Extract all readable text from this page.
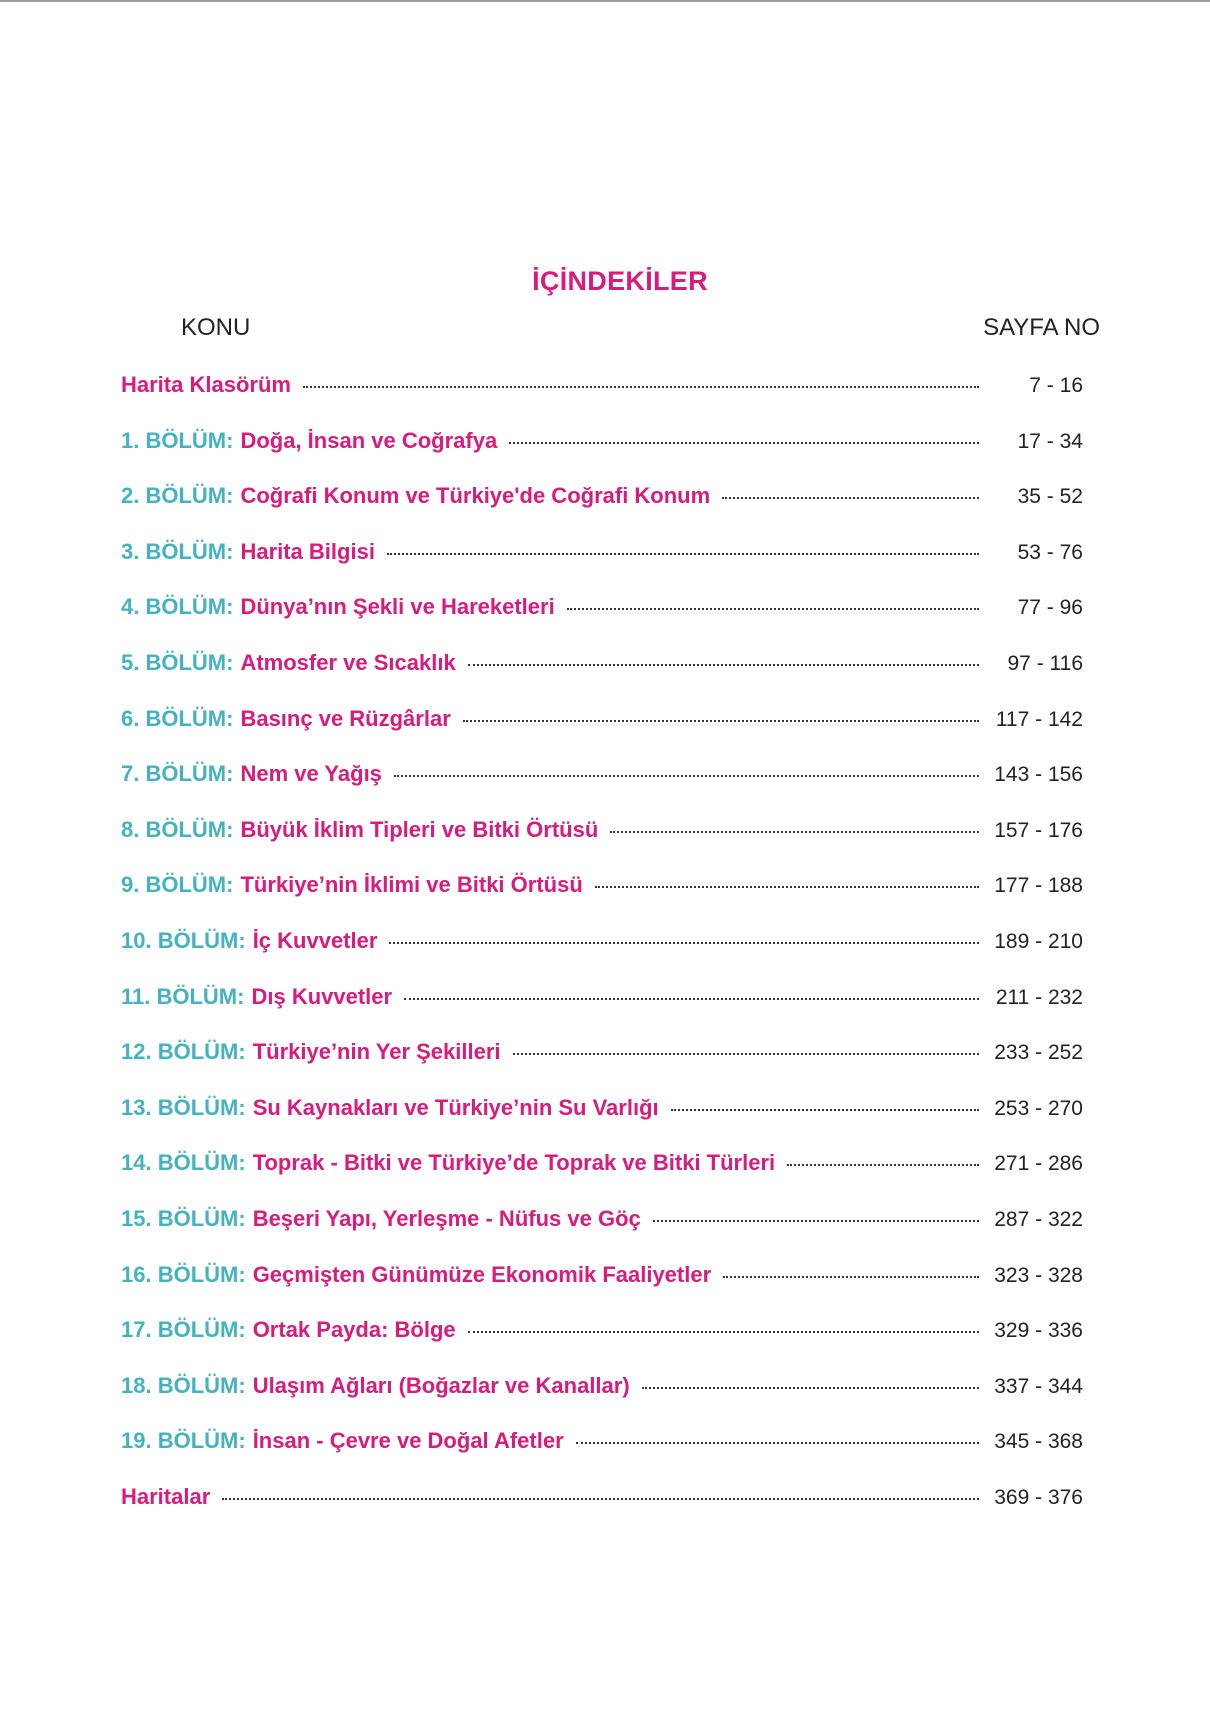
İÇİNDEKİLER
KONU	SAYFA NO
Harita Klasörüm	7 - 16
1. BÖLÜM: Doğa, İnsan ve Coğrafya	17 - 34
2. BÖLÜM: Coğrafi Konum ve Türkiye'de Coğrafi Konum	35 - 52
3. BÖLÜM: Harita Bilgisi	53 - 76
4. BÖLÜM: Dünya’nın Şekli ve Hareketleri	77 - 96
5. BÖLÜM: Atmosfer ve Sıcaklık	97 - 116
6. BÖLÜM: Basınç ve Rüzgârlar	117 - 142
7. BÖLÜM: Nem ve Yağış	143 - 156
8. BÖLÜM: Büyük İklim Tipleri ve Bitki Örtüsü	157 - 176
9. BÖLÜM: Türkiye’nin İklimi ve Bitki Örtüsü	177 - 188
10. BÖLÜM: İç Kuvvetler	189 - 210
11. BÖLÜM: Dış Kuvvetler	211 - 232
12. BÖLÜM: Türkiye’nin Yer Şekilleri	233 - 252
13. BÖLÜM: Su Kaynakları ve Türkiye’nin Su Varlığı	253 - 270
14. BÖLÜM: Toprak - Bitki ve Türkiye’de Toprak ve Bitki Türleri	271 - 286
15. BÖLÜM: Beşeri Yapı, Yerleşme - Nüfus ve Göç	287 - 322
16. BÖLÜM: Geçmişten Günümüze Ekonomik Faaliyetler	323 - 328
17. BÖLÜM: Ortak Payda: Bölge	329 - 336
18. BÖLÜM: Ulaşım Ağları (Boğazlar ve Kanallar)	337 - 344
19. BÖLÜM: İnsan - Çevre ve Doğal Afetler	345 - 368
Haritalar	369 - 376
